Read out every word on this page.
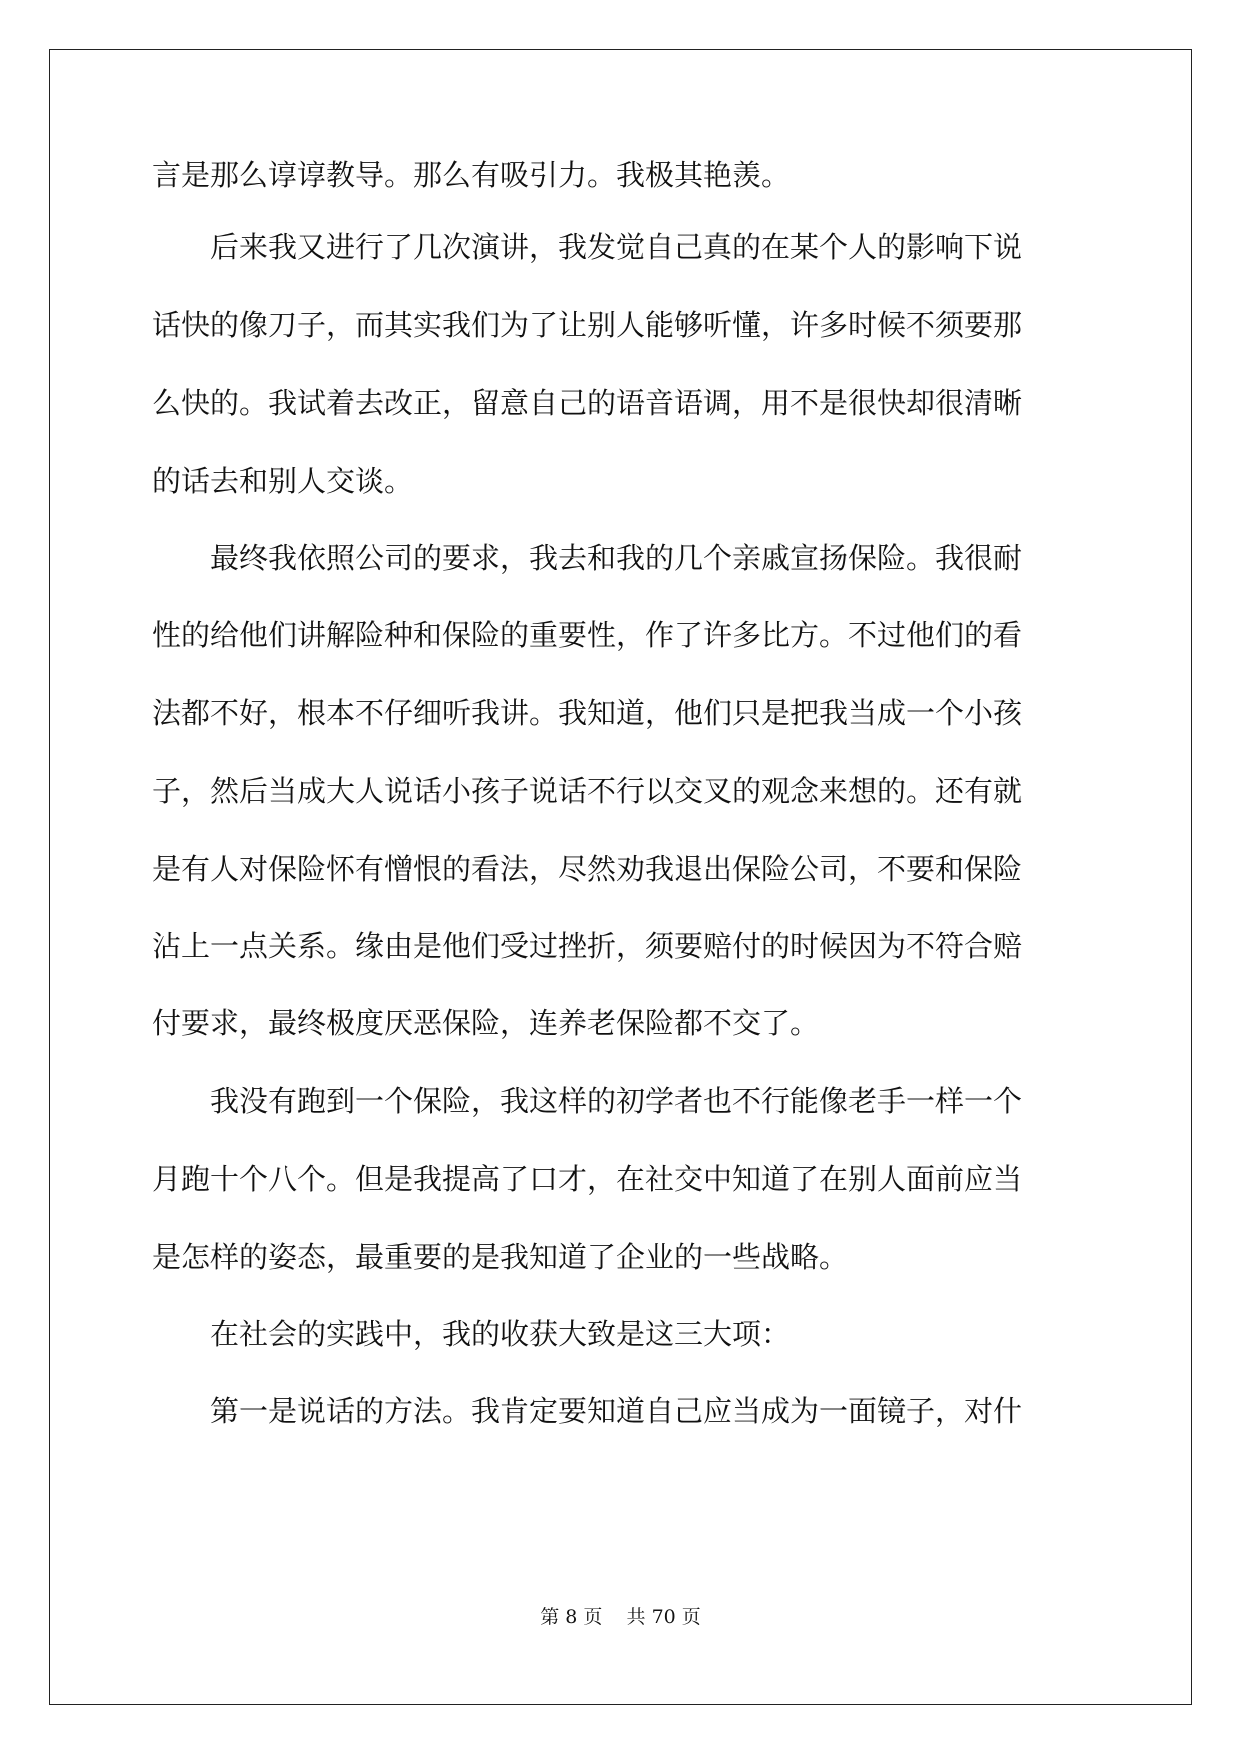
言是那么谆谆教导。那么有吸引力。我极其艳羡。
　　后来我又进行了几次演讲，我发觉自己真的在某个人的影响下说
话快的像刀子，而其实我们为了让别人能够听懂，许多时候不须要那
么快的。我试着去改正，留意自己的语音语调，用不是很快却很清晰
的话去和别人交谈。
　　最终我依照公司的要求，我去和我的几个亲戚宣扬保险。我很耐
性的给他们讲解险种和保险的重要性，作了许多比方。不过他们的看
法都不好，根本不仔细听我讲。我知道，他们只是把我当成一个小孩
子，然后当成大人说话小孩子说话不行以交叉的观念来想的。还有就
是有人对保险怀有憎恨的看法，尽然劝我退出保险公司，不要和保险
沾上一点关系。缘由是他们受过挫折，须要赔付的时候因为不符合赔
付要求，最终极度厌恶保险，连养老保险都不交了。
　　我没有跑到一个保险，我这样的初学者也不行能像老手一样一个
月跑十个八个。但是我提高了口才，在社交中知道了在别人面前应当
是怎样的姿态，最重要的是我知道了企业的一些战略。
　　在社会的实践中，我的收获大致是这三大项：
　　第一是说话的方法。我肯定要知道自己应当成为一面镜子，对什
第 8 页 共 70 页
